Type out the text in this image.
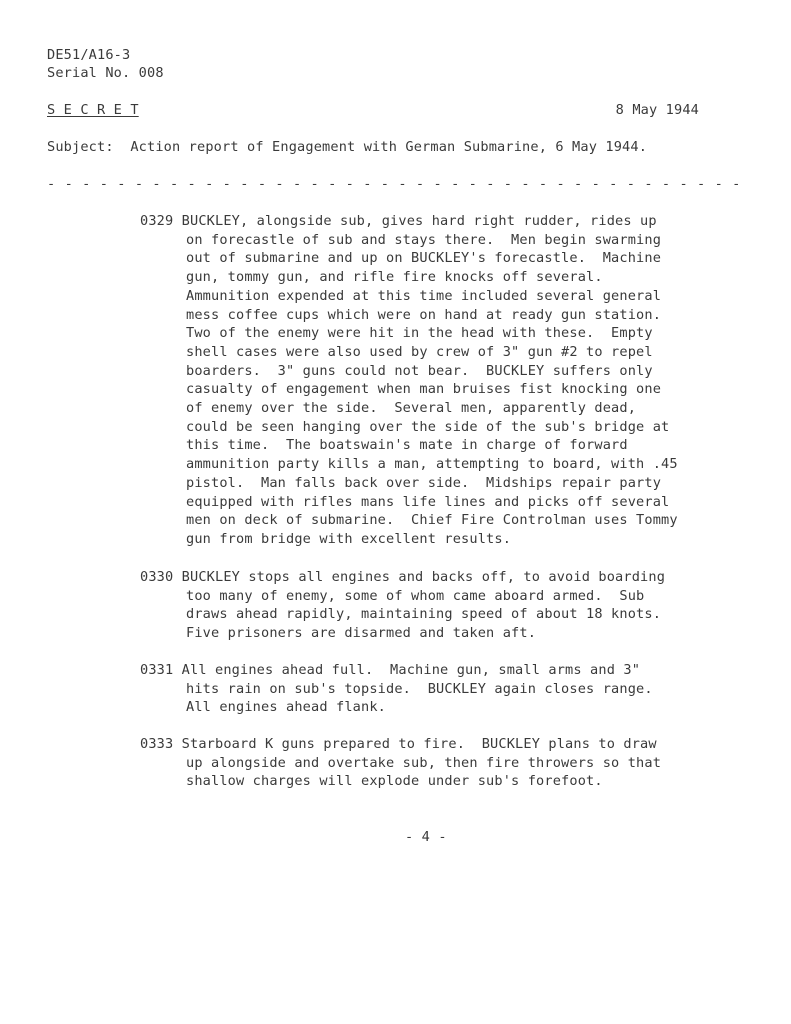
DE51/A16-3
Serial No. 008
S E C R E T	8 May 1944
Subject:  Action report of Engagement with German Submarine, 6 May 1944.
- - - - - - - - - - - - - - - - - - - - - - - - - - - - - - - - - - - - - - - -
0329 BUCKLEY, alongside sub, gives hard right rudder, rides up
on forecastle of sub and stays there.  Men begin swarming
out of submarine and up on BUCKLEY's forecastle.  Machine
gun, tommy gun, and rifle fire knocks off several.
Ammunition expended at this time included several general
mess coffee cups which were on hand at ready gun station.
Two of the enemy were hit in the head with these.  Empty
shell cases were also used by crew of 3" gun #2 to repel
boarders.  3" guns could not bear.  BUCKLEY suffers only
casualty of engagement when man bruises fist knocking one
of enemy over the side.  Several men, apparently dead,
could be seen hanging over the side of the sub's bridge at
this time.  The boatswain's mate in charge of forward
ammunition party kills a man, attempting to board, with .45
pistol.  Man falls back over side.  Midships repair party
equipped with rifles mans life lines and picks off several
men on deck of submarine.  Chief Fire Controlman uses Tommy
gun from bridge with excellent results.
0330 BUCKLEY stops all engines and backs off, to avoid boarding
too many of enemy, some of whom came aboard armed.  Sub
draws ahead rapidly, maintaining speed of about 18 knots.
Five prisoners are disarmed and taken aft.
0331 All engines ahead full.  Machine gun, small arms and 3"
hits rain on sub's topside.  BUCKLEY again closes range.
All engines ahead flank.
0333 Starboard K guns prepared to fire.  BUCKLEY plans to draw
up alongside and overtake sub, then fire throwers so that
shallow charges will explode under sub's forefoot.
- 4 -
